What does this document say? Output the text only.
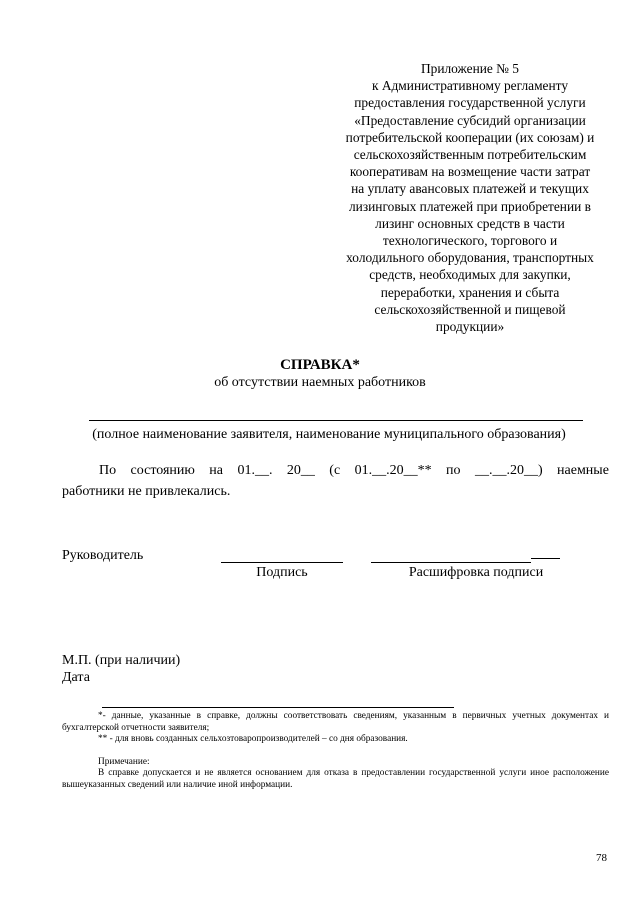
Приложение № 5
к Административному регламенту
предоставления государственной услуги
«Предоставление субсидий организации
потребительской кооперации (их союзам) и
сельскохозяйственным потребительским
кооперативам на возмещение части затрат
на уплату авансовых платежей и текущих
лизинговых платежей при приобретении в
лизинг основных средств в части
технологического, торгового и
холодильного оборудования, транспортных
средств, необходимых для закупки,
переработки, хранения и сбыта
сельскохозяйственной и пищевой
продукции»
СПРАВКА*
об отсутствии наемных работников
(полное наименование заявителя, наименование муниципального образования)
По состоянию на 01.__. 20__ (с 01.__.20__** по __.__.20__) наемные
работники не привлекались.
Руководитель
Подпись	Расшифровка подписи
М.П. (при наличии)
Дата
*- данные, указанные в справке, должны соответствовать сведениям, указанным в первичных учетных документах и бухгалтерской отчетности заявителя;
** - для вновь созданных сельхозтоваропроизводителей – со дня образования.
Примечание:
В справке допускается и не является основанием для отказа в предоставлении государственной услуги иное расположение вышеуказанных сведений или наличие иной информации.
78
